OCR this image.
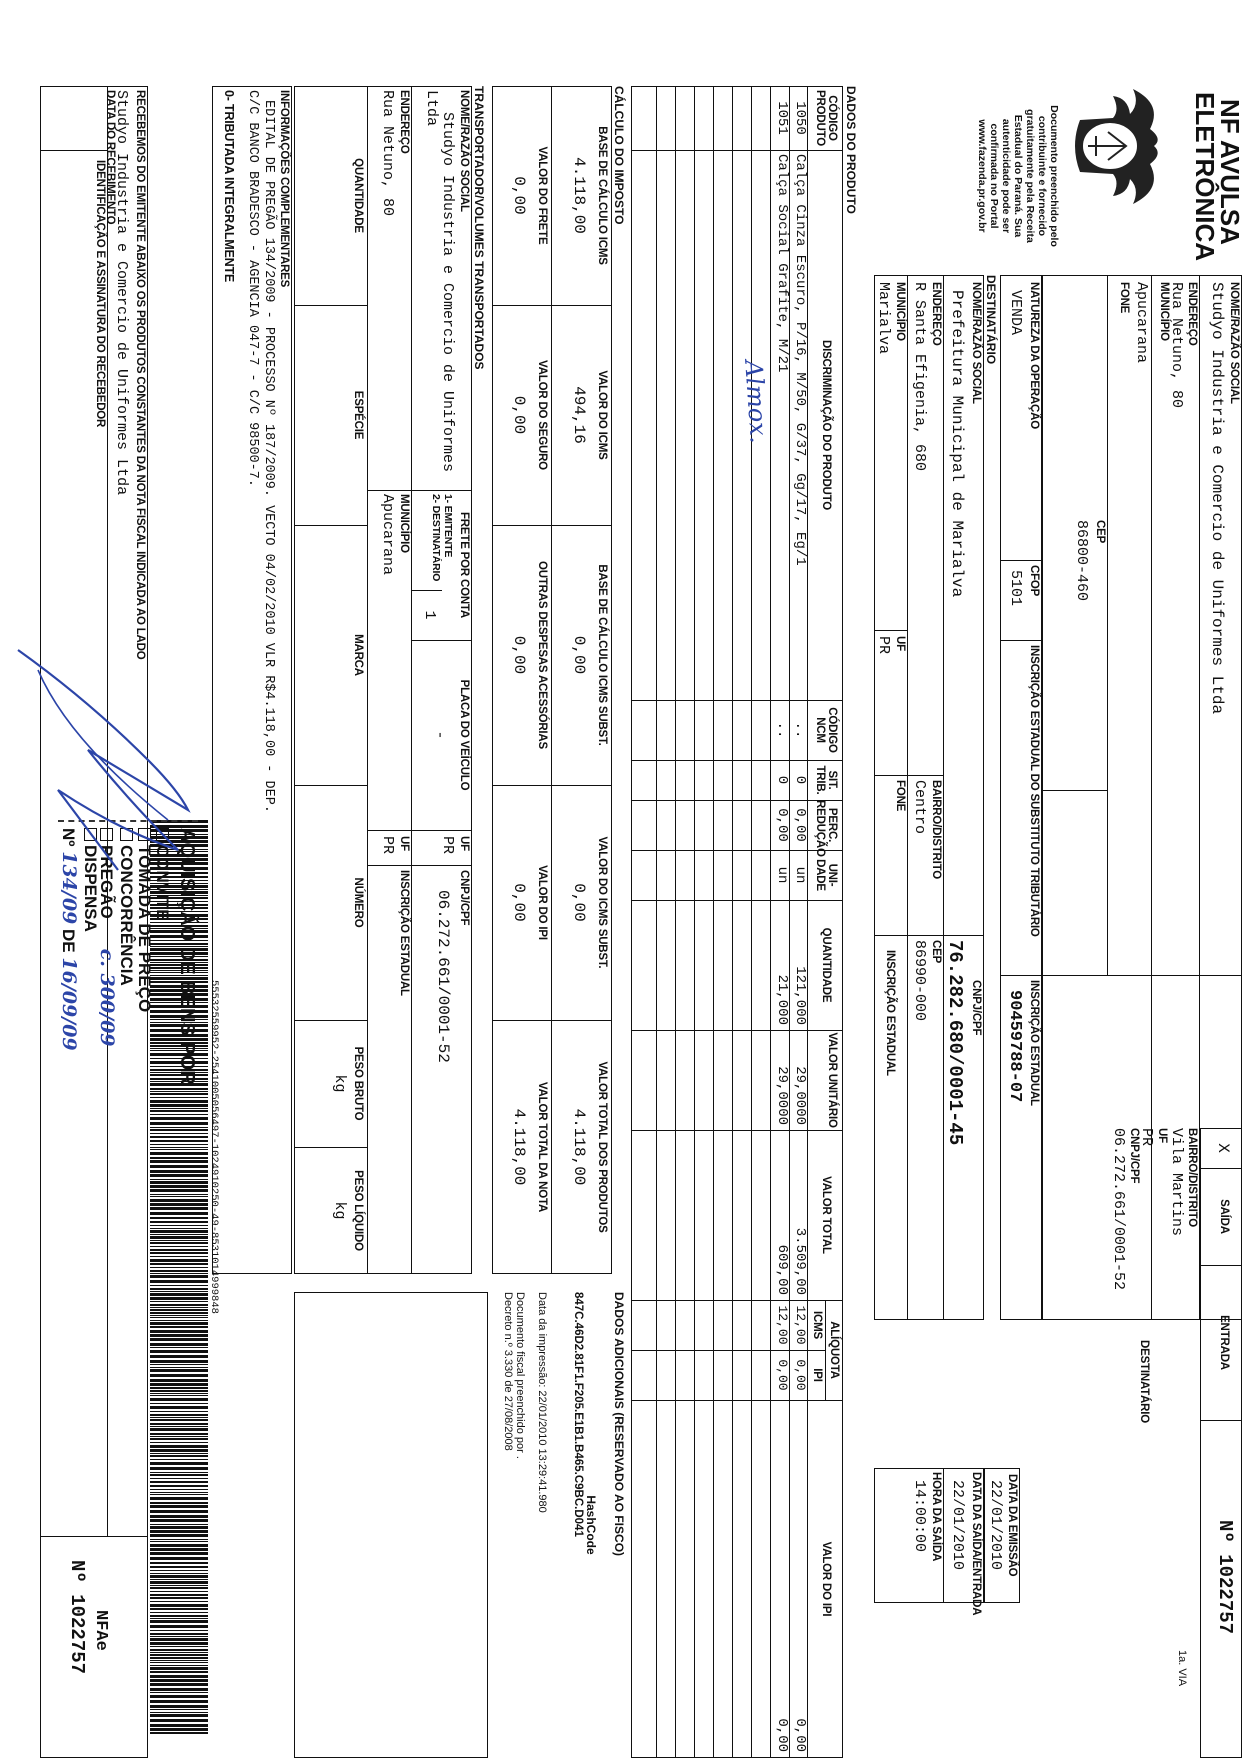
NF AVULSA
ELETRÔNICA
Documento preenchido pelo
contribuinte e fornecido
gratuitamente pela Receita
Estadual do Paraná. Sua
autenticidade pode ser
confirmada no Portal
www.fazenda.pr.gov.br
NOME/RAZÃO SOCIAL
Studyo Industria e Comercio de Uniformes Ltda
ENDEREÇO
Rua Netuno, 80
MUNICÍPIO
Apucarana
FONE
CEP
86800-460
BAIRRO/DISTRITO
Vila Martins
UF
PR
CNPJ/CPF
06.272.661/0001-52
DESTINATÁRIO
X
SAÍDA
ENTRADA
Nº 1022757
1a. VIA
NATUREZA DA OPERAÇÃO
VENDA
CFOP
5101
INSCRIÇÃO ESTADUAL DO SUBSTITUTO TRIBUTÁRIO
INSCRIÇÃO ESTADUAL
90459788-07
DATA DA EMISSÃO
22/01/2010
DESTINATÁRIO
NOME/RAZÃO SOCIAL
Prefeitura Municipal de Marialva
CNPJ/CPF
76.282.680/0001-45
ENDEREÇO
R Santa Efigenia, 680
BAIRRO/DISTRITO
Centro
CEP
86990-000
MUNICÍPIO
Marialva
UF
PR
FONE
INSCRIÇÃO ESTADUAL
DATA DA SAÍDA/ENTRADA
22/01/2010
HORA DA SAÍDA
14:00:00
DADOS DO PRODUTO
CÓDIGO PRODUTO
DISCRIMINAÇÃO DO PRODUTO
CÓDIGO NCM
SIT. TRIB.
PERC. REDUÇÃO
UNI- DADE
QUANTIDADE
VALOR UNITÁRIO
VALOR TOTAL
ALÍQUOTA
ICMS
IPI
VALOR DO IPI
1050
Calça Cinza Escuro, P/16, M/50, G/37, Gg/17, Eg/1
..
0
0,00
un
121,000
29,0000
3.509,00
12,00
0,00
0,00
1051
Calça Social Grafite, M/21
..
0
0,00
un
21,000
29,0000
609,00
12,00
0,00
0,00
Almox.
CÁLCULO DO IMPOSTO
BASE DE CÁLCULO ICMS
4.118,00
VALOR DO ICMS
494,16
BASE DE CÁLCULO ICMS SUBST.
0,00
VALOR DO ICMS SUBST.
0,00
VALOR TOTAL DOS PRODUTOS
4.118,00
VALOR DO FRETE
0,00
VALOR DO SEGURO
0,00
OUTRAS DESPESAS ACESSÓRIAS
0,00
VALOR DO IPI
0,00
VALOR TOTAL DA NOTA
4.118,00
DADOS ADICIONAIS (RESERVADO AO FISCO)
HashCode
847C.46D2.81F1.F205.E1B1.B465.C9BC.D041
Data da impressão: 22/01/2010 13:29:41.980
Documento fiscal preenchido por .
Decreto n.º 3.330 de 27/08/2008
TRANSPORTADOR/VOLUMES TRANSPORTADOS
NOME/RAZÃO SOCIAL
Studyo Industria e Comercio de Uniformes
Ltda
FRETE POR CONTA
1- EMITENTE
2- DESTINATÁRIO
1
PLACA DO VEÍCULO
-
UF
PR
CNPJ/CPF
06.272.661/0001-52
ENDEREÇO
Rua Netuno, 80
MUNICÍPIO
Apucarana
UF
PR
INSCRIÇÃO ESTADUAL
QUANTIDADE
ESPÉCIE
MARCA
NÚMERO
PESO BRUTO
kg
PESO LÍQUIDO
kg
INFORMAÇÕES COMPLEMENTARES
EDITAL DE PREGÃO 134/2009 - PROCESSO Nº 187/2009. VECTO 04/02/2010 VLR R$4.118,00 - DEP.
C/C BANCO BRADESCO - AGENCIA 047-7 - C/C 98500-7.
0- TRIBUTADA INTEGRALMENTE
55532559952-2541005056497-1024910250-49-8531014999848
RECEBEMOS DO EMITENTE ABAIXO OS PRODUTOS CONSTANTES DA NOTA FISCAL INDICADA AO LADO
Studyo Industria e Comercio de Uniformes Ltda
DATA DO RECEBIMENTO
IDENTIFICAÇÃO E ASSINATURA DO RECEBEDOR
NFAe
Nº 1022757
AQUISIÇÃO DE BENS POR
CONVITE
TOMADA DE PREÇO
CONCORRÊNCIA
PREGÃOc. 300/09
DISPENSA
Nº 134/09 DE 16/09/09
